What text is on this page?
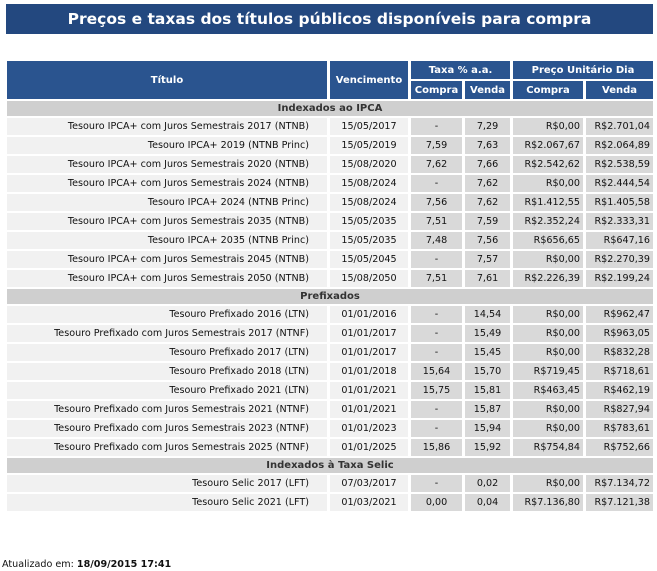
Preços e taxas dos títulos públicos disponíveis para compra
Título	Vencimento	Taxa % a.a.		Preço Unitário Dia	
		Compra	Venda	Compra	Venda
Indexados ao IPCA					
Tesouro IPCA+ com Juros Semestrais 2017 (NTNB)	15/05/2017	-	7,29	R$0,00	R$2.701,04
Tesouro IPCA+ 2019 (NTNB Princ)	15/05/2019	7,59	7,63	R$2.067,67	R$2.064,89
Tesouro IPCA+ com Juros Semestrais 2020 (NTNB)	15/08/2020	7,62	7,66	R$2.542,62	R$2.538,59
Tesouro IPCA+ com Juros Semestrais 2024 (NTNB)	15/08/2024	-	7,62	R$0,00	R$2.444,54
Tesouro IPCA+ 2024 (NTNB Princ)	15/08/2024	7,56	7,62	R$1.412,55	R$1.405,58
Tesouro IPCA+ com Juros Semestrais 2035 (NTNB)	15/05/2035	7,51	7,59	R$2.352,24	R$2.333,31
Tesouro IPCA+ 2035 (NTNB Princ)	15/05/2035	7,48	7,56	R$656,65	R$647,16
Tesouro IPCA+ com Juros Semestrais 2045 (NTNB)	15/05/2045	-	7,57	R$0,00	R$2.270,39
Tesouro IPCA+ com Juros Semestrais 2050 (NTNB)	15/08/2050	7,51	7,61	R$2.226,39	R$2.199,24
Prefixados					
Tesouro Prefixado 2016 (LTN)	01/01/2016	-	14,54	R$0,00	R$962,47
Tesouro Prefixado com Juros Semestrais 2017 (NTNF)	01/01/2017	-	15,49	R$0,00	R$963,05
Tesouro Prefixado 2017 (LTN)	01/01/2017	-	15,45	R$0,00	R$832,28
Tesouro Prefixado 2018 (LTN)	01/01/2018	15,64	15,70	R$719,45	R$718,61
Tesouro Prefixado 2021 (LTN)	01/01/2021	15,75	15,81	R$463,45	R$462,19
Tesouro Prefixado com Juros Semestrais 2021 (NTNF)	01/01/2021	-	15,87	R$0,00	R$827,94
Tesouro Prefixado com Juros Semestrais 2023 (NTNF)	01/01/2023	-	15,94	R$0,00	R$783,61
Tesouro Prefixado com Juros Semestrais 2025 (NTNF)	01/01/2025	15,86	15,92	R$754,84	R$752,66
Indexados à Taxa Selic					
Tesouro Selic 2017 (LFT)	07/03/2017	-	0,02	R$0,00	R$7.134,72
Tesouro Selic 2021 (LFT)	01/03/2021	0,00	0,04	R$7.136,80	R$7.121,38
Atualizado em: 18/09/2015 17:41
